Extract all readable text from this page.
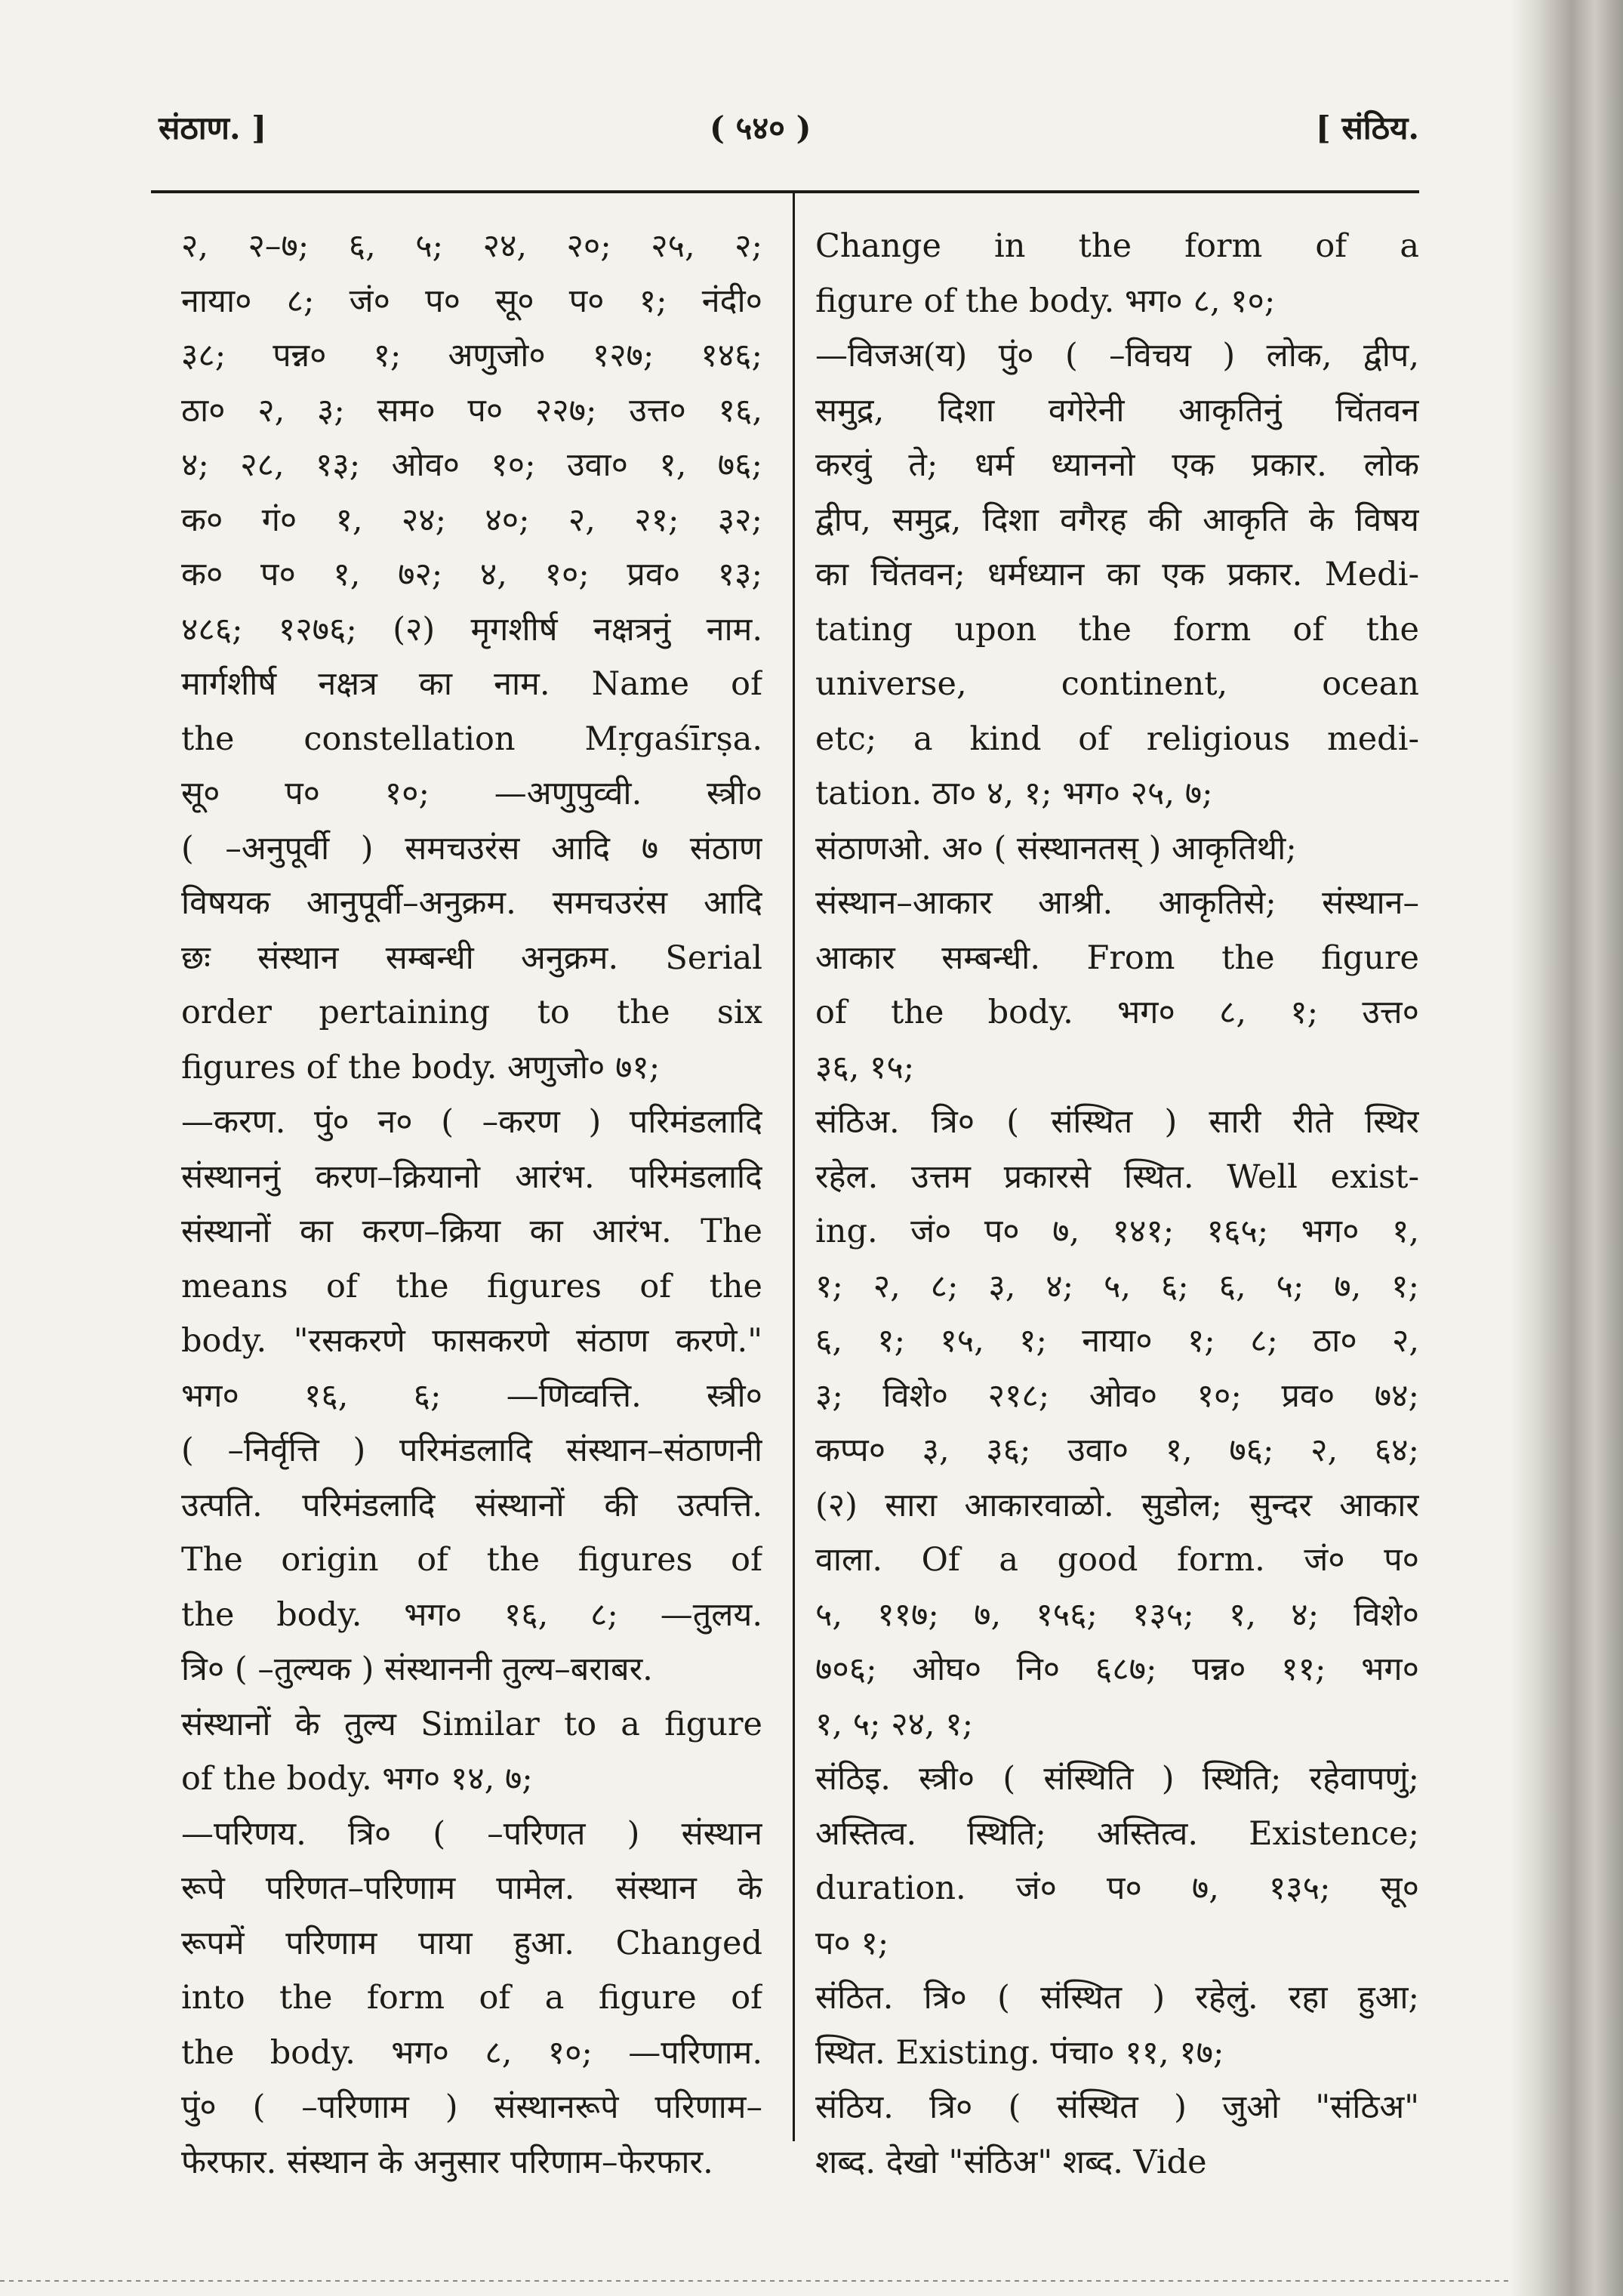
संठाण. ]	( ५४० )	[ संठिय.
२, २–७; ६, ५; २४, २०; २५, २;
नाया० ८; जं० प० सू० प० १; नंदी०
३८; पन्न० १; अणुजो० १२७; १४६;
ठा० २, ३; सम० प० २२७; उत्त० १६,
४; २८, १३; ओव० १०; उवा० १, ७६;
क० गं० १, २४; ४०; २, २१; ३२;
क० प० १, ७२; ४, १०; प्रव० १३;
४८६; १२७६; (२) मृगशीर्ष नक्षत्रनुं नाम.
मार्गशीर्ष नक्षत्र का नाम. Name of
the constellation Mṛgaśīrṣa.
सू० प० १०; —अणुपुव्वी. स्त्री०
( –अनुपूर्वी ) समचउरंस आदि ७ संठाण
विषयक आनुपूर्वी–अनुक्रम. समचउरंस आदि
छः संस्थान सम्बन्धी अनुक्रम. Serial
order pertaining to the six
figures of the body. अणुजो० ७१;
—करण. पुं० न० ( –करण ) परिमंडलादि
संस्थाननुं करण–क्रियानो आरंभ. परिमंडलादि
संस्थानों का करण–क्रिया का आरंभ. The
means of the figures of the
body. "रसकरणे फासकरणे संठाण करणे."
भग० १६, ६; —णिव्वत्ति. स्त्री०
( –निर्वृत्ति ) परिमंडलादि संस्थान–संठाणनी
उत्पति. परिमंडलादि संस्थानों की उत्पत्ति.
The origin of the figures of
the body. भग० १६, ८; —तुलय.
त्रि० ( –तुल्यक ) संस्थाननी तुल्य–बराबर.
संस्थानों के तुल्य Similar to a figure
of the body. भग० १४, ७;
—परिणय. त्रि० ( –परिणत ) संस्थान
रूपे परिणत–परिणाम पामेल. संस्थान के
रूपमें परिणाम पाया हुआ. Changed
into the form of a figure of
the body. भग० ८, १०; —परिणाम.
पुं० ( –परिणाम ) संस्थानरूपे परिणाम–
फेरफार. संस्थान के अनुसार परिणाम–फेरफार.
Change in the form of a
figure of the body. भग० ८, १०;
—विजअ(य) पुं० ( –विचय ) लोक, द्वीप,
समुद्र, दिशा वगेरेनी आकृतिनुं चिंतवन
करवुं ते; धर्म ध्याननो एक प्रकार. लोक
द्वीप, समुद्र, दिशा वगैरह की आकृति के विषय
का चिंतवन; धर्मध्यान का एक प्रकार. Medi-
tating upon the form of the
universe, continent, ocean
etc; a kind of religious medi-
tation. ठा० ४, १; भग० २५, ७;
संठाणओ. अ० ( संस्थानतस् ) आकृतिथी;
संस्थान–आकार आश्री. आकृतिसे; संस्थान–
आकार सम्बन्धी. From the figure
of the body. भग० ८, १; उत्त०
३६, १५;
संठिअ. त्रि० ( संस्थित ) सारी रीते स्थिर
रहेल. उत्तम प्रकारसे स्थित. Well exist-
ing. जं० प० ७, १४१; १६५; भग० १,
१; २, ८; ३, ४; ५, ६; ६, ५; ७, १;
६, १; १५, १; नाया० १; ८; ठा० २,
३; विशे० २१८; ओव० १०; प्रव० ७४;
कप्प० ३, ३६; उवा० १, ७६; २, ६४;
(२) सारा आकारवाळो. सुडोल; सुन्दर आकार
वाला. Of a good form. जं० प०
५, ११७; ७, १५६; १३५; १, ४; विशे०
७०६; ओघ० नि० ६८७; पन्न० ११; भग०
१, ५; २४, १;
संठिइ. स्त्री० ( संस्थिति ) स्थिति; रहेवापणुं;
अस्तित्व. स्थिति; अस्तित्व. Existence;
duration. जं० प० ७, १३५; सू०
प० १;
संठित. त्रि० ( संस्थित ) रहेलुं. रहा हुआ;
स्थित. Existing. पंचा० ११, १७;
संठिय. त्रि० ( संस्थित ) जुओ "संठिअ"
शब्द. देखो "संठिअ" शब्द. Vide
